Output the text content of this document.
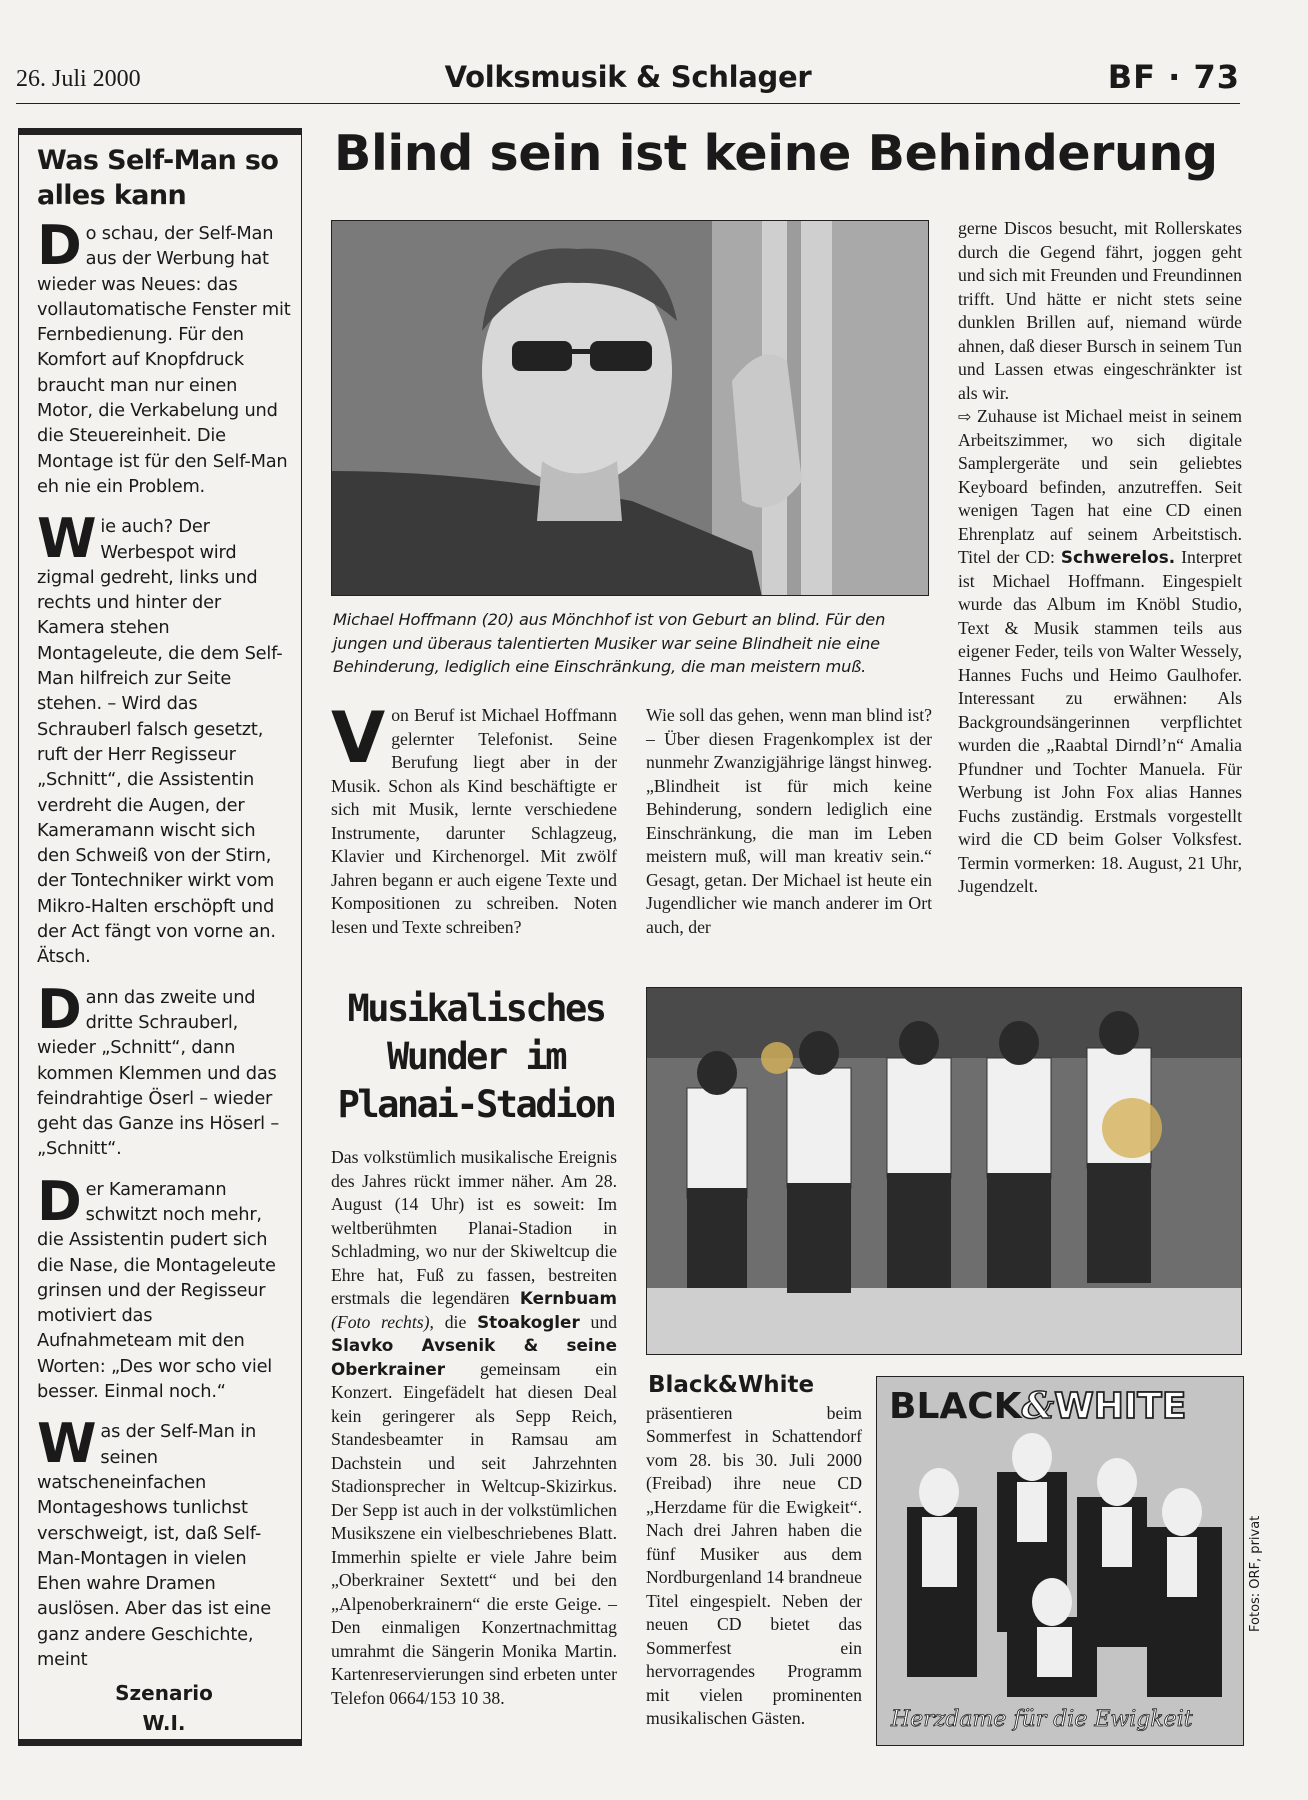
26. Juli 2000	Volksmusik & Schlager	BF · 73
Was Self-Man so alles kann
Do schau, der Self-Man aus der Werbung hat wieder was Neues: das vollautomatische Fenster mit Fernbedienung. Für den Komfort auf Knopfdruck braucht man nur einen Motor, die Verkabelung und die Steuereinheit. Die Montage ist für den Self-Man eh nie ein Problem.
Wie auch? Der Werbespot wird zigmal gedreht, links und rechts und hinter der Kamera stehen Montageleute, die dem Self-Man hilfreich zur Seite stehen. – Wird das Schrauberl falsch gesetzt, ruft der Herr Regisseur „Schnitt“, die Assistentin verdreht die Augen, der Kameramann wischt sich den Schweiß von der Stirn, der Tontechniker wirkt vom Mikro-Halten erschöpft und der Act fängt von vorne an. Ätsch.
Dann das zweite und dritte Schrauberl, wieder „Schnitt“, dann kommen Klemmen und das feindrahtige Öserl – wieder geht das Ganze ins Höserl – „Schnitt“.
Der Kameramann schwitzt noch mehr, die Assistentin pudert sich die Nase, die Montageleute grinsen und der Regisseur motiviert das Aufnahmeteam mit den Worten: „Des wor scho viel besser. Einmal noch.“
Was der Self-Man in seinen watscheneinfachen Montageshows tunlichst verschweigt, ist, daß Self-Man-Montagen in vielen Ehen wahre Dramen auslösen. Aber das ist eine ganz andere Geschichte, meint
Szenario
W.I.
Blind sein ist keine Behinderung
Michael Hoffmann (20) aus Mönchhof ist von Geburt an blind. Für den jungen und überaus talentierten Musiker war seine Blindheit nie eine Behinderung, lediglich eine Einschränkung, die man meistern muß.
Von Beruf ist Michael Hoffmann gelernter Telefonist. Seine Berufung liegt aber in der Musik. Schon als Kind beschäftigte er sich mit Musik, lernte verschiedene Instrumente, darunter Schlagzeug, Klavier und Kirchenorgel. Mit zwölf Jahren begann er auch eigene Texte und Kompositionen zu schreiben. Noten lesen und Texte schreiben?
Wie soll das gehen, wenn man blind ist? – Über diesen Fragenkomplex ist der nunmehr Zwanzigjährige längst hinweg. „Blindheit ist für mich keine Behinderung, sondern lediglich eine Einschränkung, die man im Leben meistern muß, will man kreativ sein.“ Gesagt, getan. Der Michael ist heute ein Jugendlicher wie manch anderer im Ort auch, der
gerne Discos besucht, mit Rollerskates durch die Gegend fährt, joggen geht und sich mit Freunden und Freundinnen trifft. Und hätte er nicht stets seine dunklen Brillen auf, niemand würde ahnen, daß dieser Bursch in seinem Tun und Lassen etwas eingeschränkter ist als wir.
⇨ Zuhause ist Michael meist in seinem Arbeitszimmer, wo sich digitale Samplergeräte und sein geliebtes Keyboard befinden, anzutreffen. Seit wenigen Tagen hat eine CD einen Ehrenplatz auf seinem Arbeitstisch. Titel der CD: Schwerelos. Interpret ist Michael Hoffmann. Eingespielt wurde das Album im Knöbl Studio, Text & Musik stammen teils aus eigener Feder, teils von Walter Wessely, Hannes Fuchs und Heimo Gaulhofer. Interessant zu erwähnen: Als Backgroundsängerinnen verpflichtet wurden die „Raabtal Dirndl’n“ Amalia Pfundner und Tochter Manuela. Für Werbung ist John Fox alias Hannes Fuchs zuständig. Erstmals vorgestellt wird die CD beim Golser Volksfest. Termin vormerken: 18. August, 21 Uhr, Jugendzelt.
Musikalisches Wunder im Planai-Stadion
Das volkstümlich musikalische Ereignis des Jahres rückt immer näher. Am 28. August (14 Uhr) ist es soweit: Im weltberühmten Planai-Stadion in Schladming, wo nur der Skiweltcup die Ehre hat, Fuß zu fassen, bestreiten erstmals die legendären Kernbuam (Foto rechts), die Stoakogler und Slavko Avsenik & seine Oberkrainer gemeinsam ein Konzert. Eingefädelt hat diesen Deal kein geringerer als Sepp Reich, Standesbeamter in Ramsau am Dachstein und seit Jahrzehnten Stadionsprecher in Weltcup-Skizirkus. Der Sepp ist auch in der volkstümlichen Musikszene ein vielbeschriebenes Blatt. Immerhin spielte er viele Jahre beim „Oberkrainer Sextett“ und bei den „Alpenoberkrainern“ die erste Geige. – Den einmaligen Konzertnachmittag umrahmt die Sängerin Monika Martin. Kartenreservierungen sind erbeten unter Telefon 0664/153 10 38.
Black&White
präsentieren beim Sommerfest in Schattendorf vom 28. bis 30. Juli 2000 (Freibad) ihre neue CD „Herzdame für die Ewigkeit“. Nach drei Jahren haben die fünf Musiker aus dem Nordburgenland 14 brandneue Titel eingespielt. Neben der neuen CD bietet das Sommerfest ein hervorragendes Programm mit vielen prominenten musikalischen Gästen.
BLACK&WHITE
Herzdame für die Ewigkeit
Fotos: ORF, privat
